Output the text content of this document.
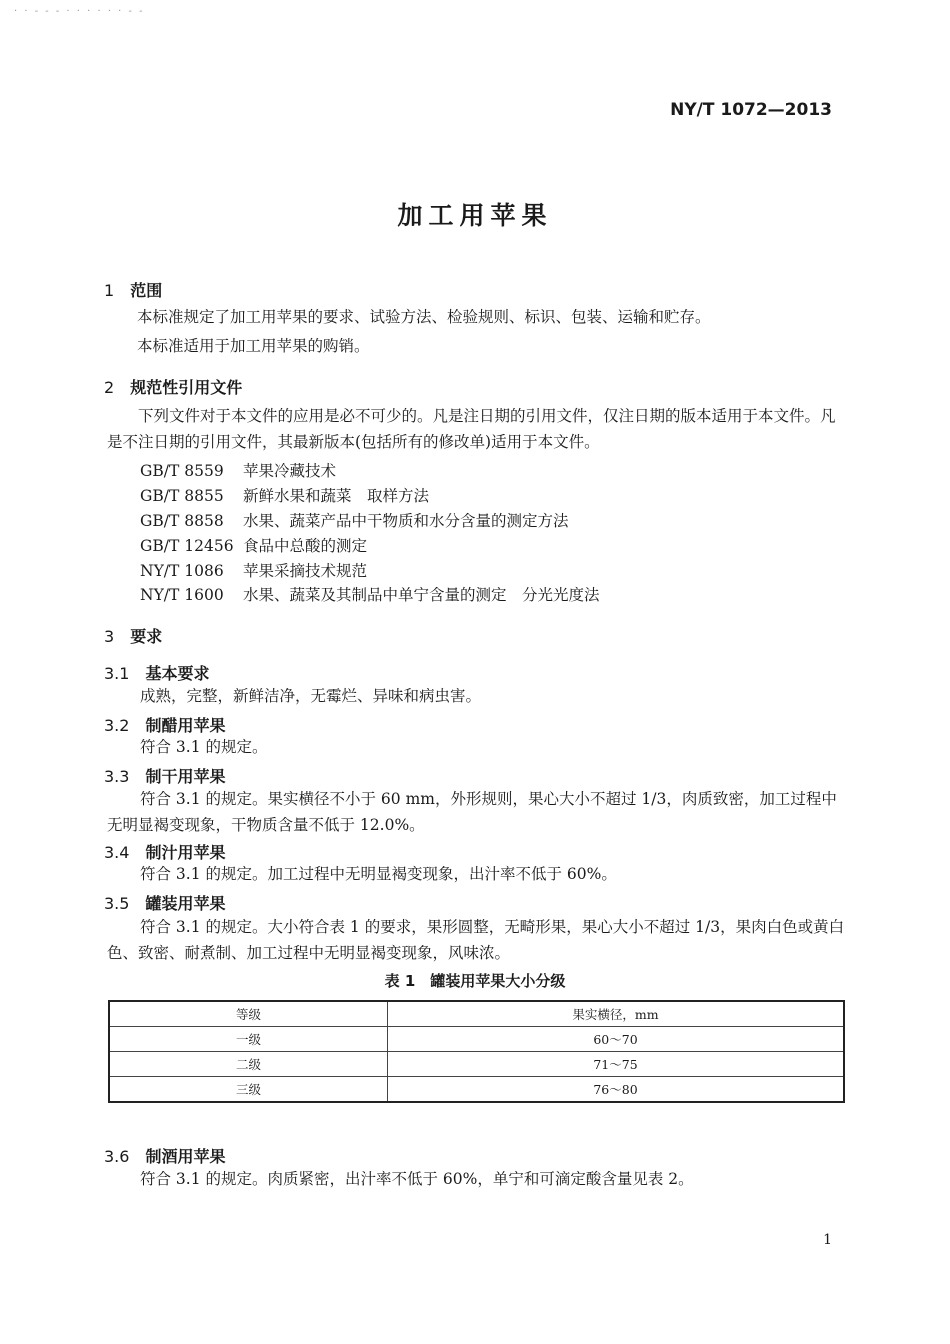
· · - - - · · · · · · - -
NY/T 1072—2013
加工用苹果
1 范围
本标准规定了加工用苹果的要求、试验方法、检验规则、标识、包装、运输和贮存。
本标准适用于加工用苹果的购销。
2 规范性引用文件
下列文件对于本文件的应用是必不可少的。凡是注日期的引用文件，仅注日期的版本适用于本文件。凡是不注日期的引用文件，其最新版本(包括所有的修改单)适用于本文件。
GB/T 8559 苹果冷藏技术
GB/T 8855 新鲜水果和蔬菜　取样方法
GB/T 8858 水果、蔬菜产品中干物质和水分含量的测定方法
GB/T 12456 食品中总酸的测定
NY/T 1086 苹果采摘技术规范
NY/T 1600 水果、蔬菜及其制品中单宁含量的测定　分光光度法
3 要求
3.1 基本要求
成熟，完整，新鲜洁净，无霉烂、异味和病虫害。
3.2 制醋用苹果
符合 3.1 的规定。
3.3 制干用苹果
符合 3.1 的规定。果实横径不小于 60 mm，外形规则，果心大小不超过 1/3，肉质致密，加工过程中无明显褐变现象，干物质含量不低于 12.0%。
3.4 制汁用苹果
符合 3.1 的规定。加工过程中无明显褐变现象，出汁率不低于 60%。
3.5 罐装用苹果
符合 3.1 的规定。大小符合表 1 的要求，果形圆整，无畸形果，果心大小不超过 1/3，果肉白色或黄白色、致密、耐煮制、加工过程中无明显褐变现象，风味浓。
表 1　罐装用苹果大小分级
等级	果实横径，mm
一级	60～70
二级	71～75
三级	76～80
3.6 制酒用苹果
符合 3.1 的规定。肉质紧密，出汁率不低于 60%，单宁和可滴定酸含量见表 2。
1
